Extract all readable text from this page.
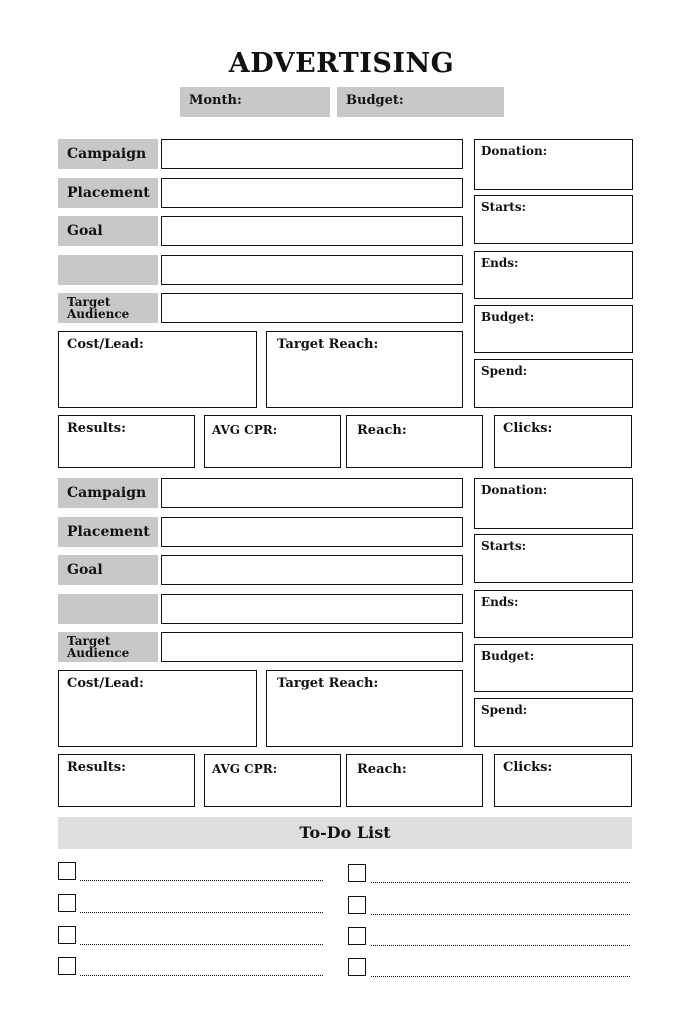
ADVERTISING
Month:	Budget:
Campaign
Placement
Goal
Target
Audience
Cost/Lead:	Target Reach:
Donation:
Starts:
Ends:
Budget:
Spend:
Results:	AVG CPR:	Reach:	Clicks:
Campaign
Placement
Goal
Target
Audience
Cost/Lead:	Target Reach:
Donation:
Starts:
Ends:
Budget:
Spend:
Results:	AVG CPR:	Reach:	Clicks:
To-Do List
